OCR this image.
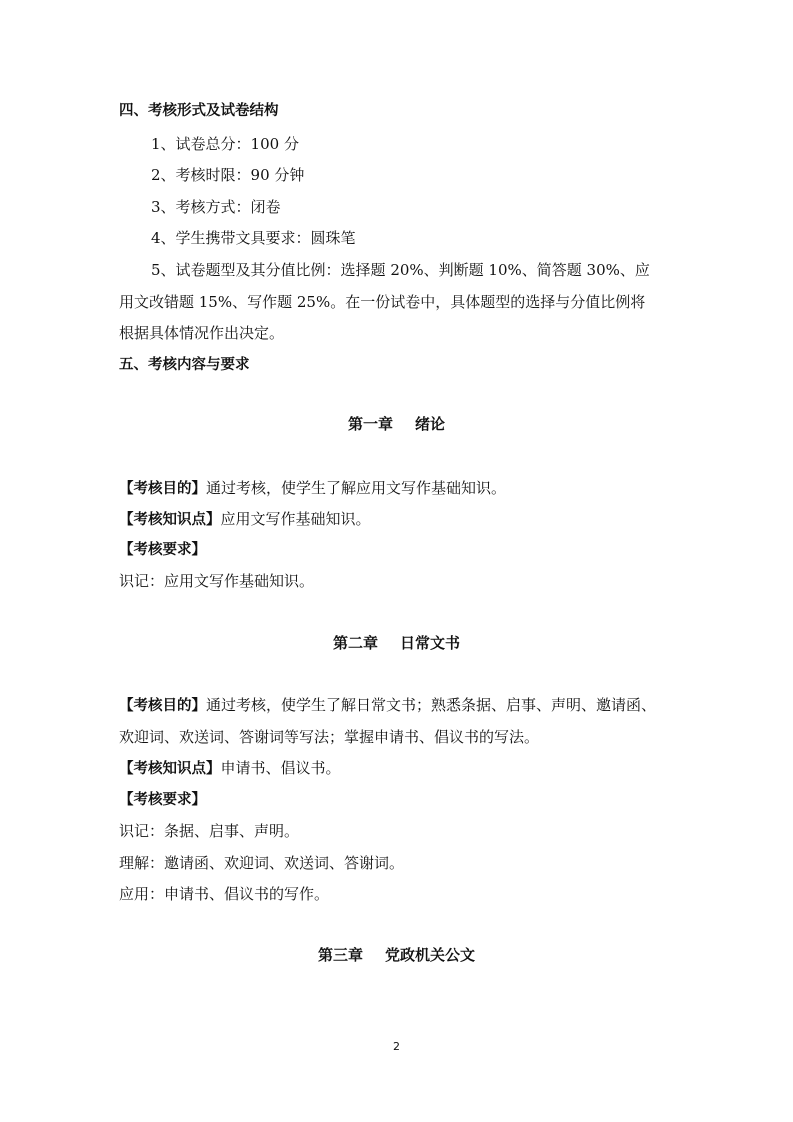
四、考核形式及试卷结构
1、试卷总分：100 分
2、考核时限：90 分钟
3、考核方式：闭卷
4、学生携带文具要求：圆珠笔
5、试卷题型及其分值比例：选择题 20%、判断题 10%、简答题 30%、应
用文改错题 15%、写作题 25%。在一份试卷中，具体题型的选择与分值比例将
根据具体情况作出决定。
五、考核内容与要求
第一章 绪论
【考核目的】通过考核，使学生了解应用文写作基础知识。
【考核知识点】应用文写作基础知识。
【考核要求】
识记：应用文写作基础知识。
第二章 日常文书
【考核目的】通过考核，使学生了解日常文书；熟悉条据、启事、声明、邀请函、
欢迎词、欢送词、答谢词等写法；掌握申请书、倡议书的写法。
【考核知识点】申请书、倡议书。
【考核要求】
识记：条据、启事、声明。
理解：邀请函、欢迎词、欢送词、答谢词。
应用：申请书、倡议书的写作。
第三章 党政机关公文
2
